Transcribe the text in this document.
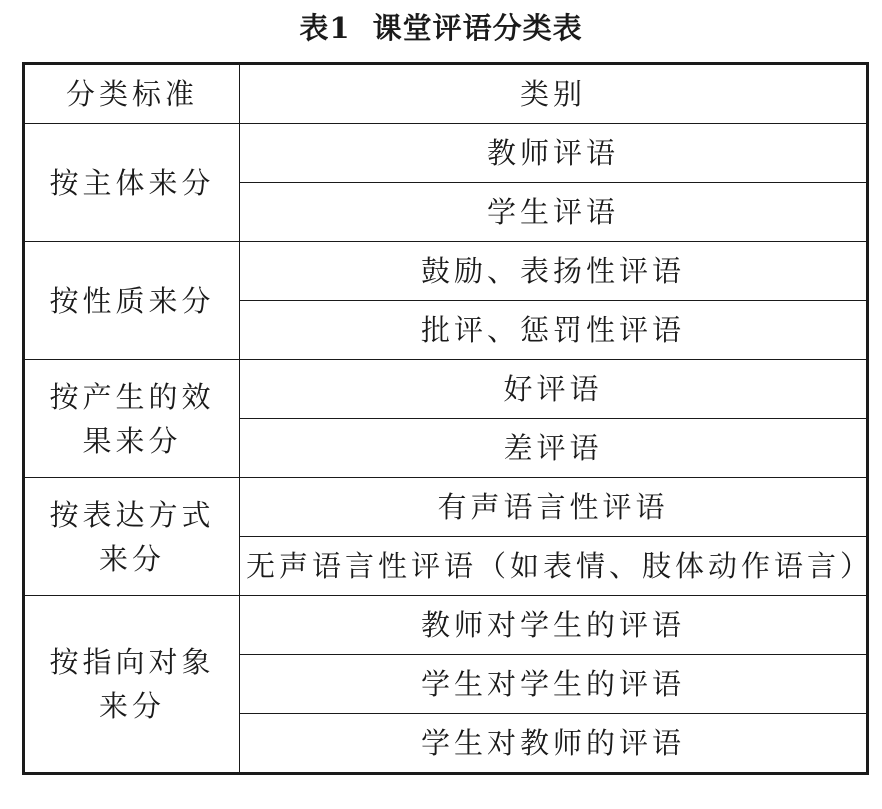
表1 课堂评语分类表
分类标准	类别

按主体来分	教师评语
	学生评语

按性质来分	鼓励、表扬性评语
	批评、惩罚性评语

按产生的效
果来分	好评语
	差评语

按表达方式
来分	有声语言性评语
	无声语言性评语（如表情、肢体动作语言）

按指向对象
来分	教师对学生的评语
	学生对学生的评语
	学生对教师的评语
